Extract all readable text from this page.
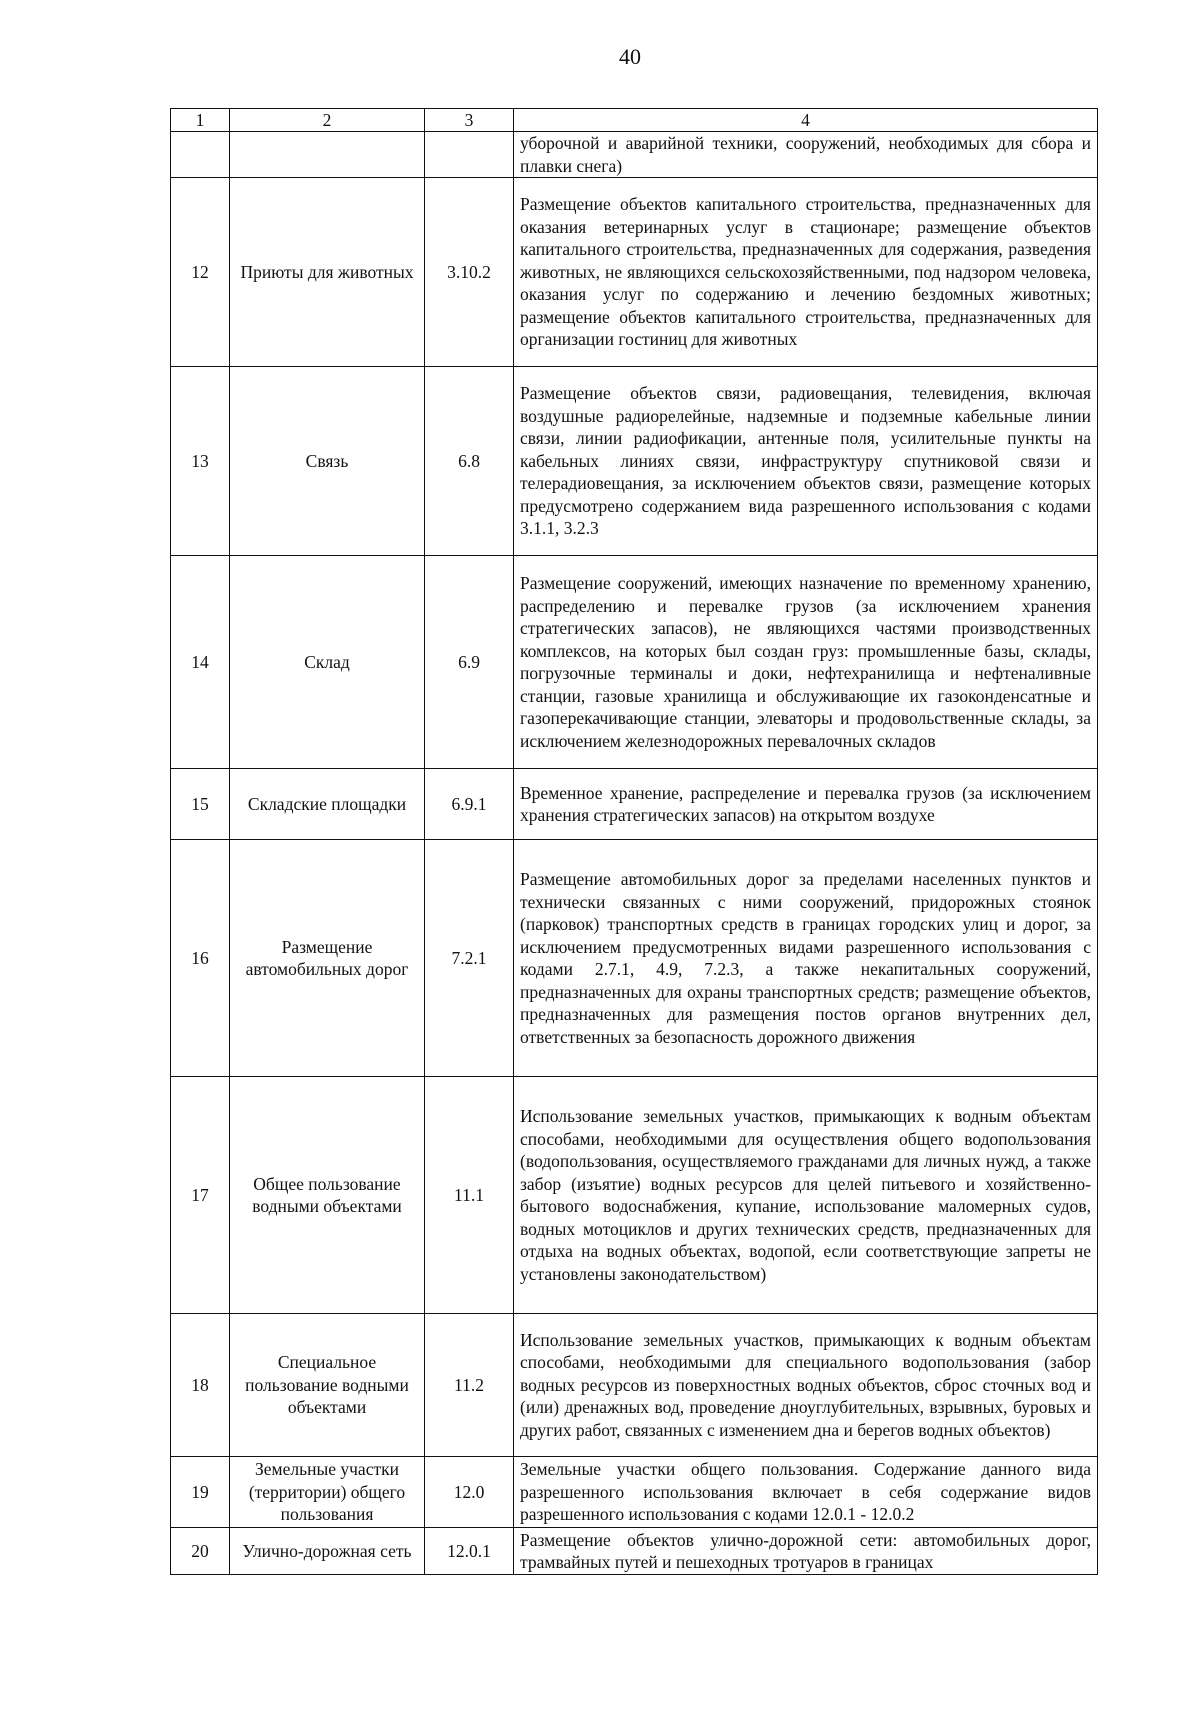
40
1	2	3	4
			уборочной и аварийной техники, сооружений, необходимых для сбора и плавки снега)
12	Приюты для животных	3.10.2	Размещение объектов капитального строительства, предназначенных для оказания ветеринарных услуг в стационаре; размещение объектов капитального строительства, предназначенных для содержания, разведения животных, не являющихся сельскохозяйственными, под надзором человека, оказания услуг по содержанию и лечению бездомных животных; размещение объектов капитального строительства, предназначенных для организации гостиниц для животных
13	Связь	6.8	Размещение объектов связи, радиовещания, телевидения, включая воздушные радиорелейные, надземные и подземные кабельные линии связи, линии радиофикации, антенные поля, усилительные пункты на кабельных линиях связи, инфраструктуру спутниковой связи и телерадиовещания, за исключением объектов связи, размещение которых предусмотрено содержанием вида разрешенного использования с кодами 3.1.1, 3.2.3
14	Склад	6.9	Размещение сооружений, имеющих назначение по временному хранению, распределению и перевалке грузов (за исключением хранения стратегических запасов), не являющихся частями производственных комплексов, на которых был создан груз: промышленные базы, склады, погрузочные терминалы и доки, нефтехранилища и нефтеналивные станции, газовые хранилища и обслуживающие их газоконденсатные и газоперекачивающие станции, элеваторы и продовольственные склады, за исключением железнодорожных перевалочных складов
15	Складские площадки	6.9.1	Временное хранение, распределение и перевалка грузов (за исключением хранения стратегических запасов) на открытом воздухе
16	Размещение автомобильных дорог	7.2.1	Размещение автомобильных дорог за пределами населенных пунктов и технически связанных с ними сооружений, придорожных стоянок (парковок) транспортных средств в границах городских улиц и дорог, за исключением предусмотренных видами разрешенного использования с кодами 2.7.1, 4.9, 7.2.3, а также некапитальных сооружений, предназначенных для охраны транспортных средств; размещение объектов, предназначенных для размещения постов органов внутренних дел, ответственных за безопасность дорожного движения
17	Общее пользование водными объектами	11.1	Использование земельных участков, примыкающих к водным объектам способами, необходимыми для осуществления общего водопользования (водопользования, осуществляемого гражданами для личных нужд, а также забор (изъятие) водных ресурсов для целей питьевого и хозяйственно-бытового водоснабжения, купание, использование маломерных судов, водных мотоциклов и других технических средств, предназначенных для отдыха на водных объектах, водопой, если соответствующие запреты не установлены законодательством)
18	Специальное пользование водными объектами	11.2	Использование земельных участков, примыкающих к водным объектам способами, необходимыми для специального водопользования (забор водных ресурсов из поверхностных водных объектов, сброс сточных вод и (или) дренажных вод, проведение дноуглубительных, взрывных, буровых и других работ, связанных с изменением дна и берегов водных объектов)
19	Земельные участки (территории) общего пользования	12.0	Земельные участки общего пользования. Содержание данного вида разрешенного использования включает в себя содержание видов разрешенного использования с кодами 12.0.1 - 12.0.2
20	Улично-дорожная сеть	12.0.1	Размещение объектов улично-дорожной сети: автомобильных дорог, трамвайных путей и пешеходных тротуаров в границах
